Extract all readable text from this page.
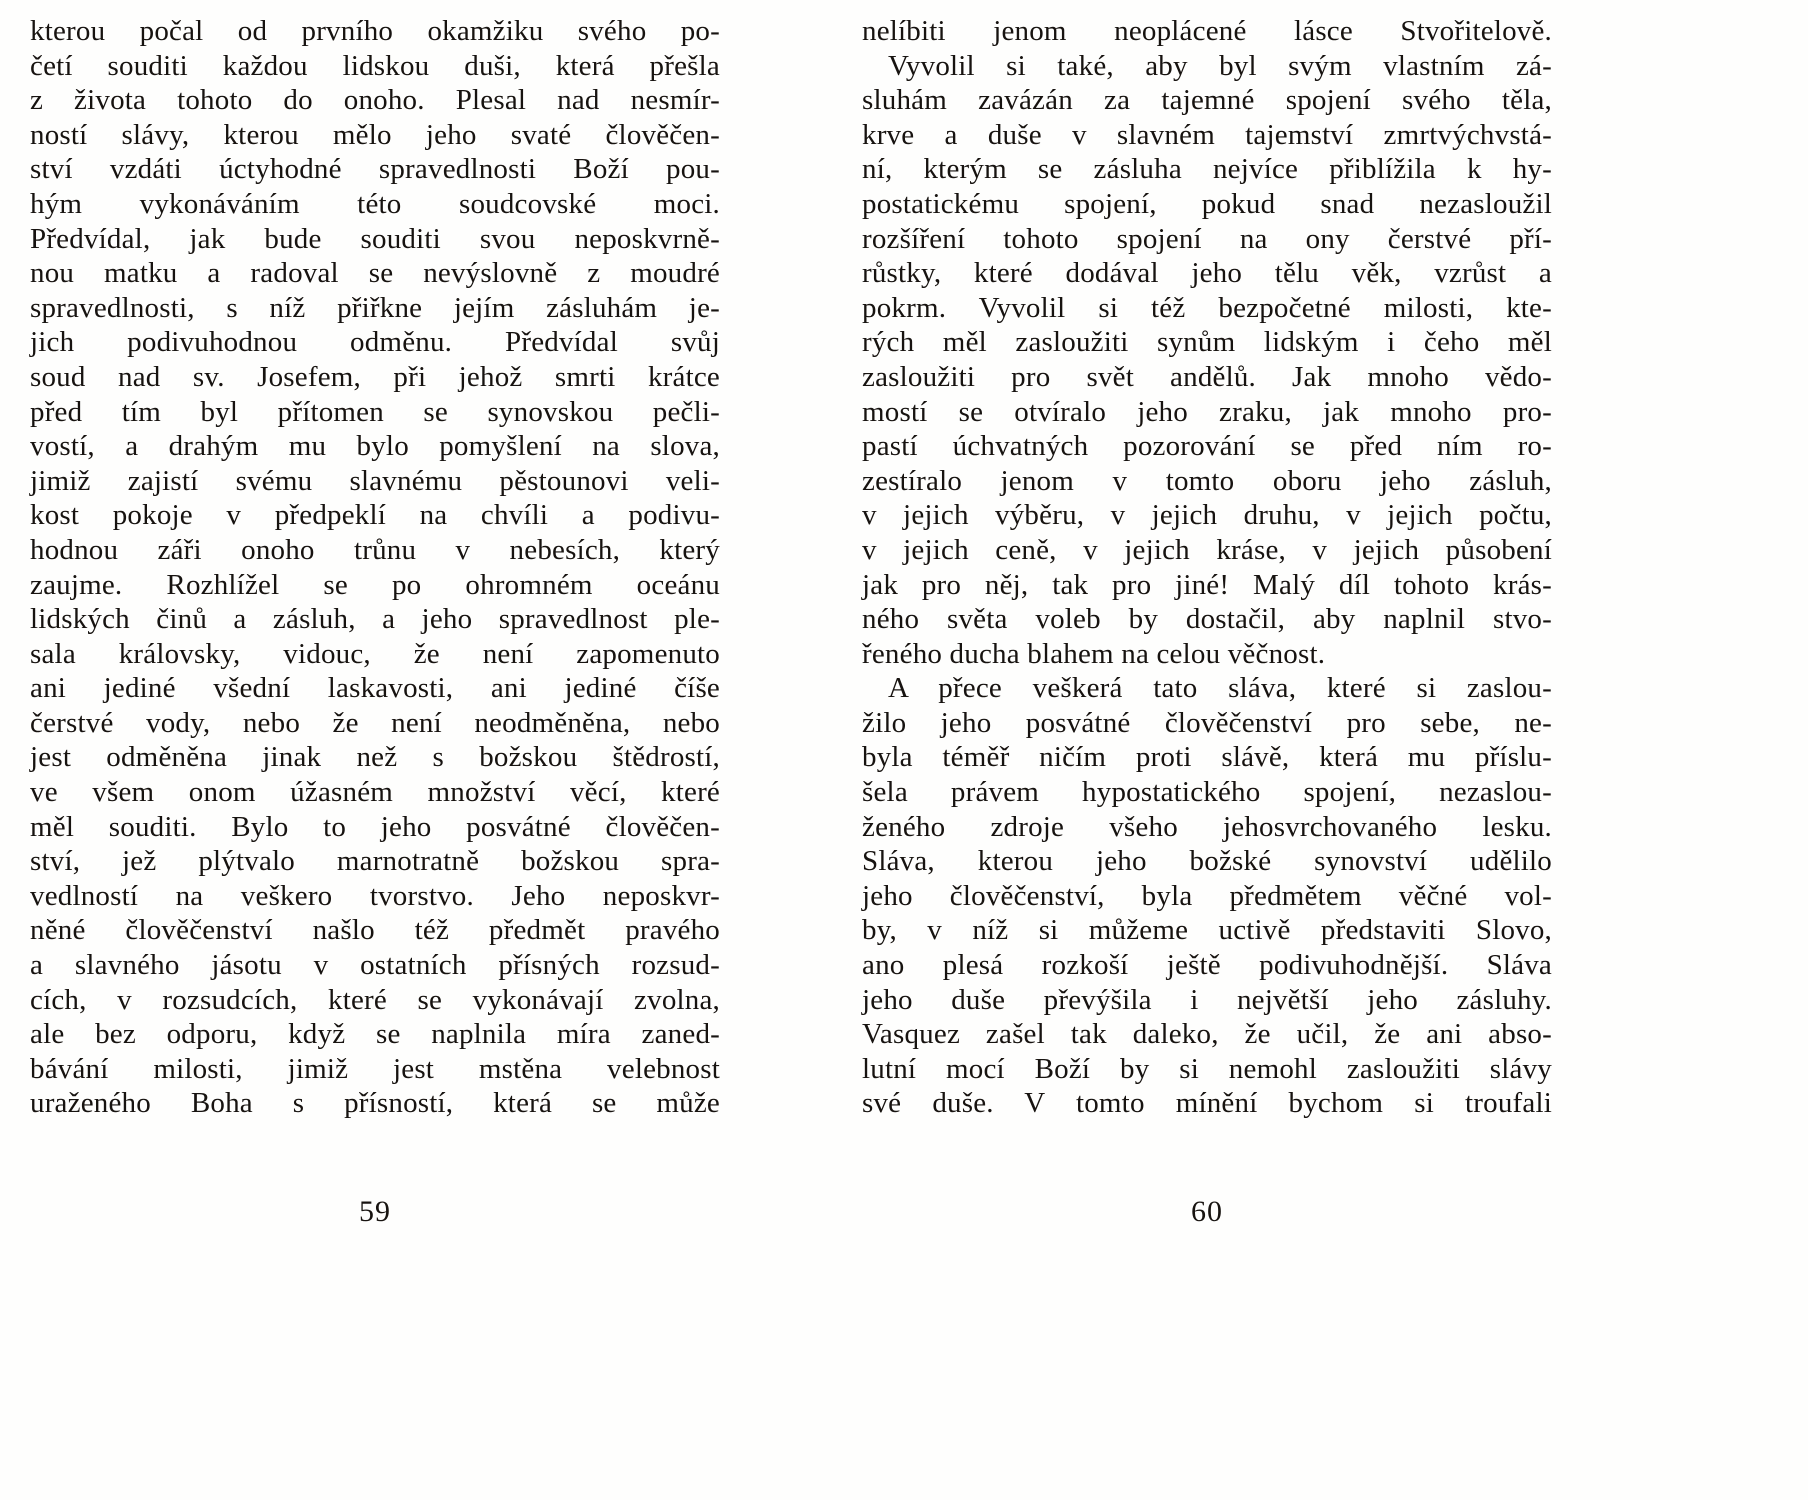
kterou počal od prvního okamžiku svého po-
četí souditi každou lidskou duši, která přešla
z života tohoto do onoho. Plesal nad nesmír-
ností slávy, kterou mělo jeho svaté člověčen-
ství vzdáti úctyhodné spravedlnosti Boží pou-
hým vykonáváním této soudcovské moci.
Předvídal, jak bude souditi svou neposkvrně-
nou matku a radoval se nevýslovně z moudré
spravedlnosti, s níž přiřkne jejím zásluhám je-
jich podivuhodnou odměnu. Předvídal svůj
soud nad sv. Josefem, při jehož smrti krátce
před tím byl přítomen se synovskou pečli-
vostí, a drahým mu bylo pomyšlení na slova,
jimiž zajistí svému slavnému pěstounovi veli-
kost pokoje v předpeklí na chvíli a podivu-
hodnou záři onoho trůnu v nebesích, který
zaujme. Rozhlížel se po ohromném oceánu
lidských činů a zásluh, a jeho spravedlnost ple-
sala královsky, vidouc, že není zapomenuto
ani jediné všední laskavosti, ani jediné číše
čerstvé vody, nebo že není neodměněna, nebo
jest odměněna jinak než s božskou štědrostí,
ve všem onom úžasném množství věcí, které
měl souditi. Bylo to jeho posvátné člověčen-
ství, jež plýtvalo marnotratně božskou spra-
vedlností na veškero tvorstvo. Jeho neposkvr-
něné člověčenství našlo též předmět pravého
a slavného jásotu v ostatních přísných rozsud-
cích, v rozsudcích, které se vykonávají zvolna,
ale bez odporu, když se naplnila míra zaned-
bávání milosti, jimiž jest mstěna velebnost
uraženého Boha s přísností, která se může
59
nelíbiti jenom neoplácené lásce Stvořitelově.
Vyvolil si také, aby byl svým vlastním zá-
sluhám zavázán za tajemné spojení svého těla,
krve a duše v slavném tajemství zmrtvýchvstá-
ní, kterým se zásluha nejvíce přiblížila k hy-
postatickému spojení, pokud snad nezasloužil
rozšíření tohoto spojení na ony čerstvé pří-
růstky, které dodával jeho tělu věk, vzrůst a
pokrm. Vyvolil si též bezpočetné milosti, kte-
rých měl zasloužiti synům lidským i čeho měl
zasloužiti pro svět andělů. Jak mnoho vědo-
mostí se otvíralo jeho zraku, jak mnoho pro-
pastí úchvatných pozorování se před ním ro-
zestíralo jenom v tomto oboru jeho zásluh,
v jejich výběru, v jejich druhu, v jejich počtu,
v jejich ceně, v jejich kráse, v jejich působení
jak pro něj, tak pro jiné! Malý díl tohoto krás-
ného světa voleb by dostačil, aby naplnil stvo-
řeného ducha blahem na celou věčnost.
A přece veškerá tato sláva, které si zaslou-
žilo jeho posvátné člověčenství pro sebe, ne-
byla téměř ničím proti slávě, která mu příslu-
šela právem hypostatického spojení, nezaslou-
ženého zdroje všeho jehosvrchovaného lesku.
Sláva, kterou jeho božské synovství udělilo
jeho člověčenství, byla předmětem věčné vol-
by, v níž si můžeme uctivě představiti Slovo,
ano plesá rozkoší ještě podivuhodnější. Sláva
jeho duše převýšila i největší jeho zásluhy.
Vasquez zašel tak daleko, že učil, že ani abso-
lutní mocí Boží by si nemohl zasloužiti slávy
své duše. V tomto mínění bychom si troufali
60
